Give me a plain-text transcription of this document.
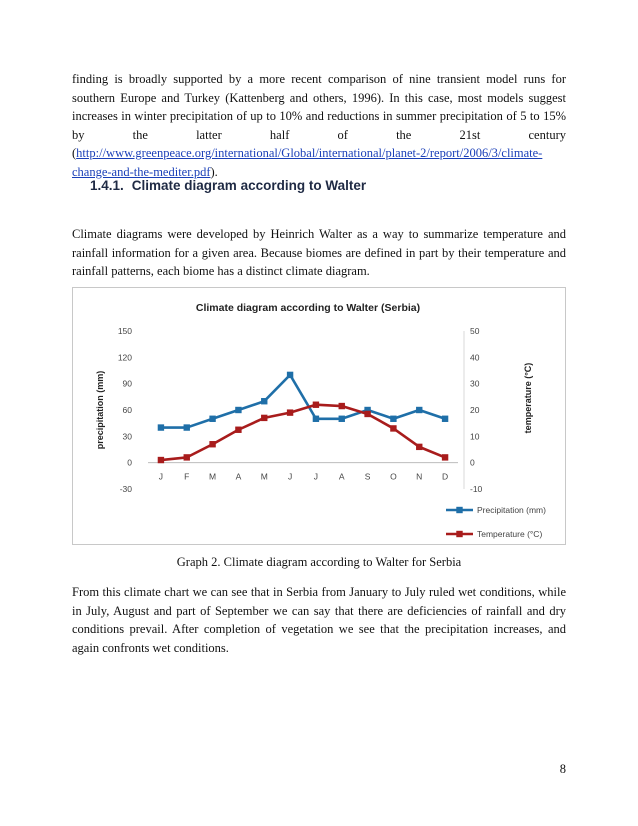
finding is broadly supported by a more recent comparison of nine transient model runs for southern Europe and Turkey (Kattenberg and others, 1996). In this case, most models suggest increases in winter precipitation of up to 10% and reductions in summer precipitation of 5 to 15% by the latter half of the 21st century (http://www.greenpeace.org/international/Global/international/planet-2/report/2006/3/climate-change-and-the-mediter.pdf).

1.4.1. Climate diagram according to Walter

Climate diagrams were developed by Heinrich Walter as a way to summarize temperature and rainfall information for a given area. Because biomes are defined in part by their temperature and rainfall patterns, each biome has a distinct climate diagram.

Climate diagram according to Walter (Serbia)
precipitation (mm)	temperature (°C)
-30
0
30
60
90
120
150
-10
0
10
20
30
40
50
J F M A M J	J A S O N D
Precipitation (mm)
Temperature (°C)

Graph 2. Climate diagram according to Walter for Serbia

From this climate chart we can see that in Serbia from January to July ruled wet conditions, while in July, August and part of September we can say that there are deficiencies of rainfall and dry conditions prevail. After completion of vegetation we see that the precipitation increases, and again confronts wet conditions.

8
